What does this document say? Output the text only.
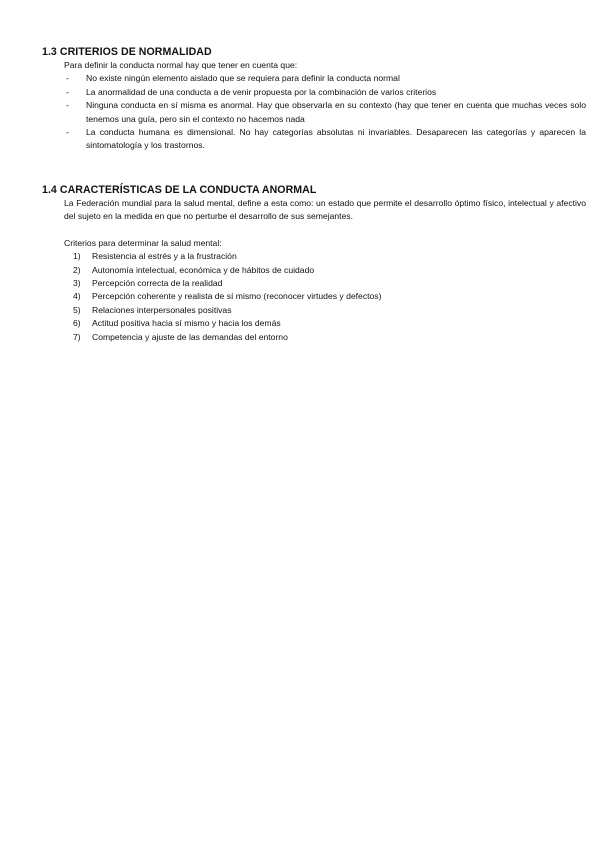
1.3 CRITERIOS DE NORMALIDAD

Para definir la conducta normal hay que tener en cuenta que:

- No existe ningún elemento aislado que se requiera para definir la conducta normal
- La anormalidad de una conducta a de venir propuesta por la combinación de varios criterios
- Ninguna conducta en sí misma es anormal. Hay que observarla en su contexto (hay que tener en cuenta que muchas veces solo tenemos una guía, pero sin el contexto no hacemos nada
- La conducta humana es dimensional. No hay categorías absolutas ni invariables. Desaparecen las categorías y aparecen la sintomatología y los trastornos.
1.4 CARACTERÍSTICAS DE LA CONDUCTA ANORMAL

La Federación mundial para la salud mental, define a esta como: un estado que permite el desarrollo óptimo físico, intelectual y afectivo del sujeto en la medida en que no perturbe el desarrollo de sus semejantes.

Criterios para determinar la salud mental:

1) Resistencia al estrés y a la frustración
2) Autonomía intelectual, económica y de hábitos de cuidado
3) Percepción correcta de la realidad
4) Percepción coherente y realista de sí mismo (reconocer virtudes y defectos)
5) Relaciones interpersonales positivas
6) Actitud positiva hacia sí mismo y hacia los demás
7) Competencia y ajuste de las demandas del entorno
